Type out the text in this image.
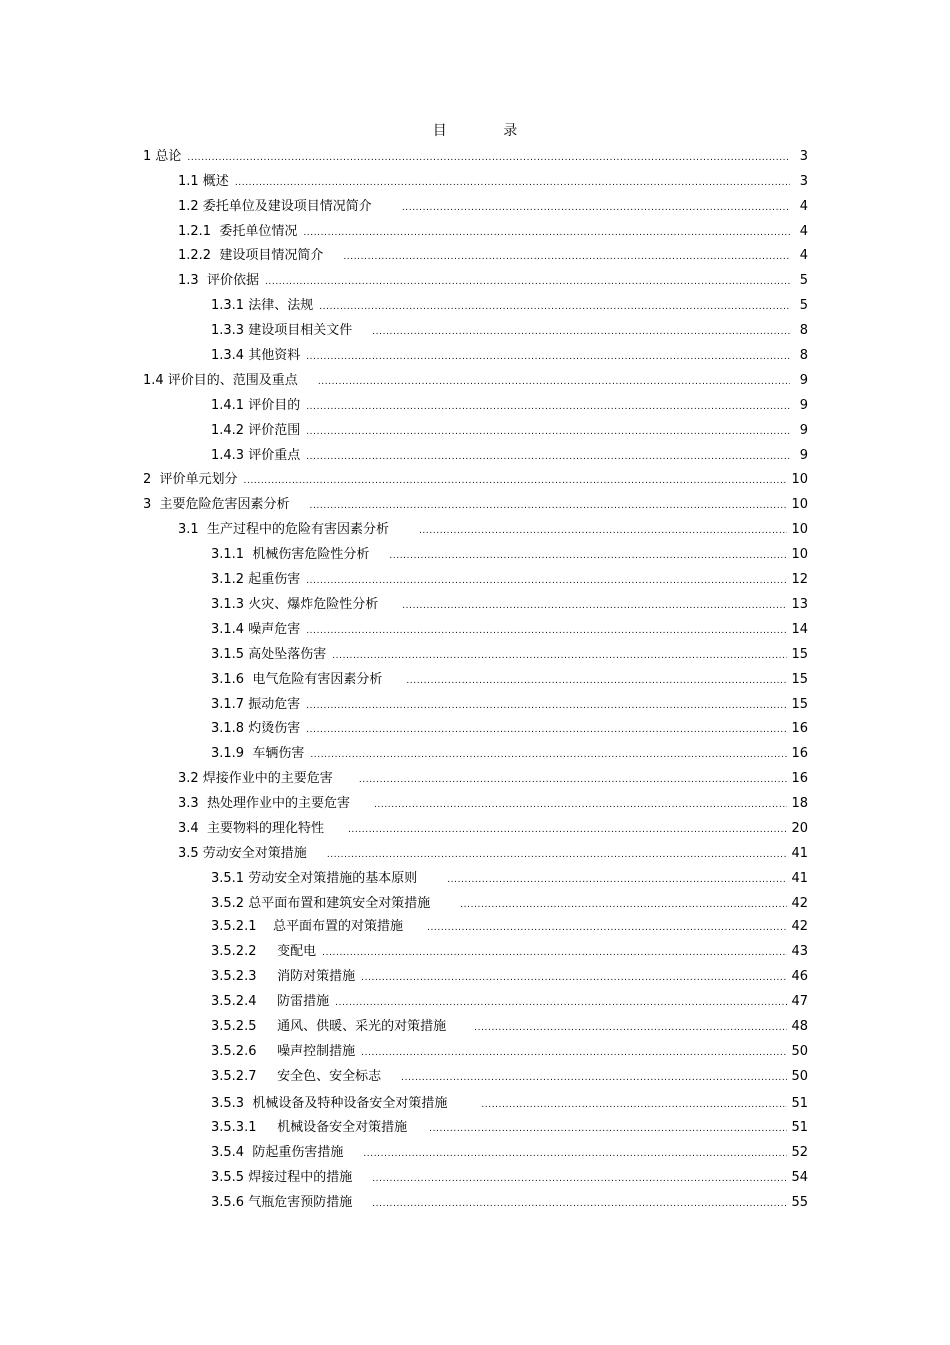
目 录
1 总论 .....	3
1.1 概述 .....	3
1.2 委托单位及建设项目情况简介 .....	4
1.2.1  委托单位情况 .....	4
1.2.2  建设项目情况简介 .....	4
1.3  评价依据 .....	5
1.3.1 法律、法规 .....	5
1.3.3 建设项目相关文件 .....	8
1.3.4 其他资料 .....	8
1.4 评价目的、范围及重点 .....	9
1.4.1 评价目的 .....	9
1.4.2 评价范围 .....	9
1.4.3 评价重点 .....	9
2  评价单元划分 .....	10
3  主要危险危害因素分析 .....	10
3.1  生产过程中的危险有害因素分析 .....	10
3.1.1  机械伤害危险性分析 .....	10
3.1.2 起重伤害 .....	12
3.1.3 火灾、爆炸危险性分析 .....	13
3.1.4 噪声危害 .....	14
3.1.5 高处坠落伤害 .....	15
3.1.6  电气危险有害因素分析 .....	15
3.1.7 振动危害 .....	15
3.1.8 灼烫伤害 .....	16
3.1.9  车辆伤害 .....	16
3.2 焊接作业中的主要危害 .....	16
3.3  热处理作业中的主要危害 .....	18
3.4  主要物料的理化特性 .....	20
3.5 劳动安全对策措施 .....	41
3.5.1 劳动安全对策措施的基本原则 .....	41
3.5.2 总平面布置和建筑安全对策措施 .....	42
3.5.2.1    总平面布置的对策措施 .....	42
3.5.2.2     变配电 .....	43
3.5.2.3     消防对策措施 .....	46
3.5.2.4     防雷措施 .....	47
3.5.2.5     通风、供暖、采光的对策措施 .....	48
3.5.2.6     噪声控制措施 .....	50
3.5.2.7     安全色、安全标志 .....	50
3.5.3  机械设备及特种设备安全对策措施 .....	51
3.5.3.1     机械设备安全对策措施 .....	51
3.5.4  防起重伤害措施 .....	52
3.5.5 焊接过程中的措施 .....	54
3.5.6 气瓶危害预防措施 .....	55
